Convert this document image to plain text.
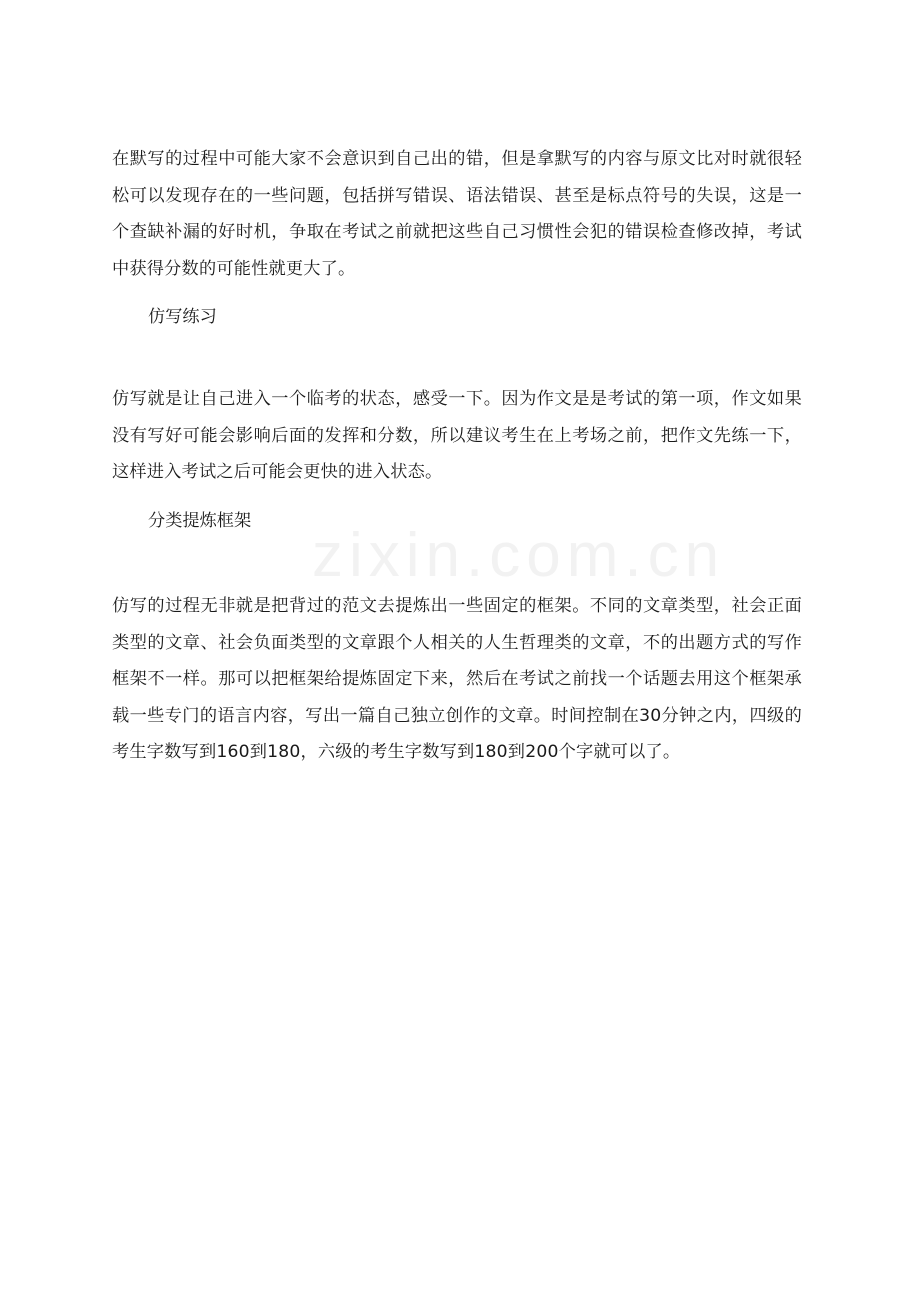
zixin.com.cn

在默写的过程中可能大家不会意识到自己出的错，但是拿默写的内容与原文比对时就很轻松可以发现存在的一些问题，包括拼写错误、语法错误、甚至是标点符号的失误，这是一个查缺补漏的好时机，争取在考试之前就把这些自己习惯性会犯的错误检查修改掉，考试中获得分数的可能性就更大了。

仿写练习

仿写就是让自己进入一个临考的状态，感受一下。因为作文是是考试的第一项，作文如果没有写好可能会影响后面的发挥和分数，所以建议考生在上考场之前，把作文先练一下，这样进入考试之后可能会更快的进入状态。

分类提炼框架

仿写的过程无非就是把背过的范文去提炼出一些固定的框架。不同的文章类型，社会正面类型的文章、社会负面类型的文章跟个人相关的人生哲理类的文章，不的出题方式的写作框架不一样。那可以把框架给提炼固定下来，然后在考试之前找一个话题去用这个框架承载一些专门的语言内容，写出一篇自己独立创作的文章。时间控制在30分钟之内，四级的考生字数写到160到180，六级的考生字数写到180到200个字就可以了。
